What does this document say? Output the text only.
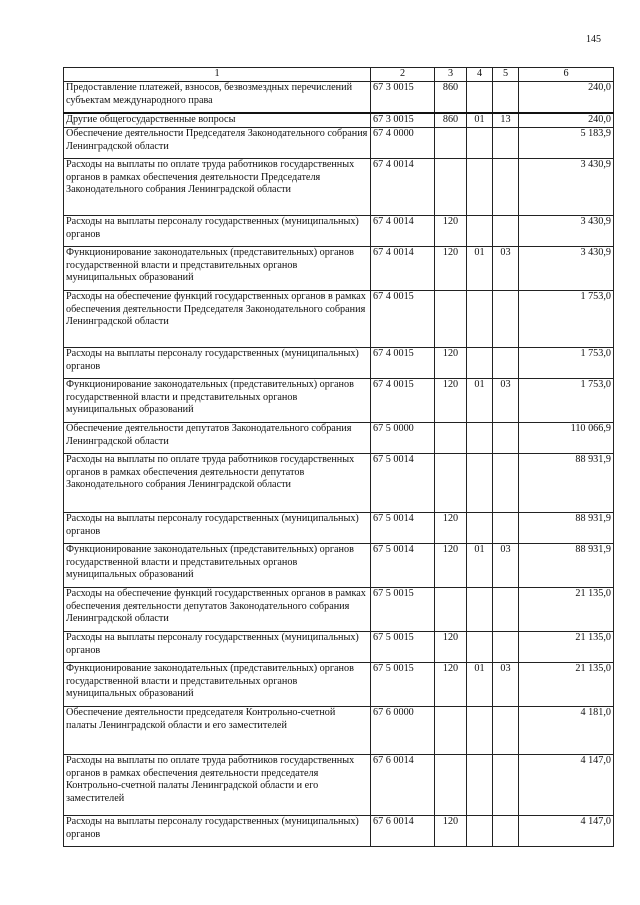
145
1	2	3	4	5	6
Предоставление платежей, взносов, безвозмездных перечислений субъектам международного права	67 3 0015	860			240,0
Другие общегосударственные вопросы	67 3 0015	860	01	13	240,0
Обеспечение деятельности Председателя Законодательного собрания Ленинградской области	67 4 0000				5 183,9
Расходы на выплаты по оплате труда работников государственных органов в рамках обеспечения деятельности Председателя Законодательного собрания Ленинградской области	67 4 0014				3 430,9
Расходы на выплаты персоналу государственных (муниципальных) органов	67 4 0014	120			3 430,9
Функционирование законодательных (представительных) органов государственной власти и представительных органов муниципальных образований	67 4 0014	120	01	03	3 430,9
Расходы на обеспечение функций государственных органов в рамках обеспечения деятельности Председателя Законодательного собрания Ленинградской области	67 4 0015				1 753,0
Расходы на выплаты персоналу государственных (муниципальных) органов	67 4 0015	120			1 753,0
Функционирование законодательных (представительных) органов государственной власти и представительных органов муниципальных образований	67 4 0015	120	01	03	1 753,0
Обеспечение деятельности депутатов Законодательного собрания Ленинградской области	67 5 0000				110 066,9
Расходы на выплаты по оплате труда работников государственных органов в рамках обеспечения деятельности депутатов Законодательного собрания Ленинградской области	67 5 0014				88 931,9
Расходы на выплаты персоналу государственных (муниципальных) органов	67 5 0014	120			88 931,9
Функционирование законодательных (представительных) органов государственной власти и представительных органов муниципальных образований	67 5 0014	120	01	03	88 931,9
Расходы на обеспечение функций государственных органов в рамках обеспечения деятельности депутатов Законодательного собрания Ленинградской области	67 5 0015				21 135,0
Расходы на выплаты персоналу государственных (муниципальных) органов	67 5 0015	120			21 135,0
Функционирование законодательных (представительных) органов государственной власти и представительных органов муниципальных образований	67 5 0015	120	01	03	21 135,0
Обеспечение деятельности председателя Контрольно-счетной палаты Ленинградской области и его заместителей	67 6 0000				4 181,0
Расходы на выплаты по оплате труда работников государственных органов в рамках обеспечения деятельности председателя Контрольно-счетной палаты Ленинградской области и его заместителей	67 6 0014				4 147,0
Расходы на выплаты персоналу государственных (муниципальных) органов	67 6 0014	120			4 147,0
